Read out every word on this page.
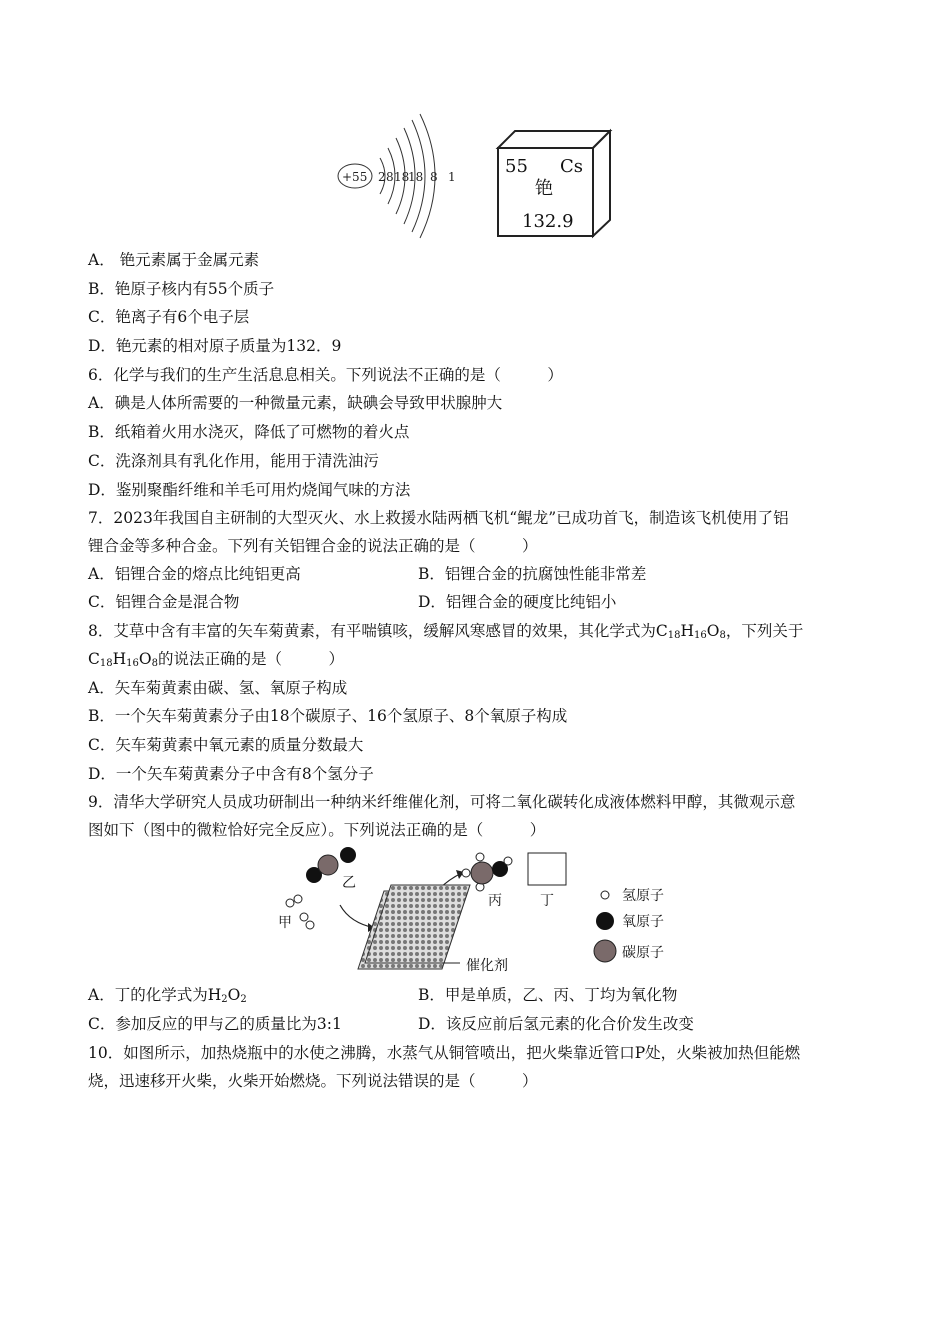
+55 2 8 18
18 8 1	55 Cs
铯
132.9
A． 铯元素属于金属元素
B．铯原子核内有55个质子
C．铯离子有6个电子层
D．铯元素的相对原子质量为132．9
6．化学与我们的生产生活息息相关。下列说法不正确的是（　　　）
A．碘是人体所需要的一种微量元素，缺碘会导致甲状腺肿大
B．纸箱着火用水浇灭，降低了可燃物的着火点
C．洗涤剂具有乳化作用，能用于清洗油污
D．鉴别聚酯纤维和羊毛可用灼烧闻气味的方法
7．2023年我国自主研制的大型灭火、水上救援水陆两栖飞机“鲲龙”已成功首飞，制造该飞机使用了铝
锂合金等多种合金。下列有关铝锂合金的说法正确的是（　　　）
A．铝锂合金的熔点比纯铝更高	B．铝锂合金的抗腐蚀性能非常差
C．铝锂合金是混合物	D．铝锂合金的硬度比纯铝小
8．艾草中含有丰富的矢车菊黄素，有平喘镇咳，缓解风寒感冒的效果，其化学式为$C_{18}H_{16}O_8$，下列关于
$C_{18}H_{16}O_8$的说法正确的是（　　　）
A．矢车菊黄素由碳、氢、氧原子构成
B．一个矢车菊黄素分子由18个碳原子、16个氢原子、8个氧原子构成
C．矢车菊黄素中氧元素的质量分数最大
D．一个矢车菊黄素分子中含有8个氢分子
9．清华大学研究人员成功研制出一种纳米纤维催化剂，可将二氧化碳转化成液体燃料甲醇，其微观示意
图如下（图中的微粒恰好完全反应）。下列说法正确的是（　　　）
乙
甲
催化剂
丙	丁	氢原子
氧原子
碳原子
A．丁的化学式为$H_2O_2$	B．甲是单质，乙、丙、丁均为氧化物
C．参加反应的甲与乙的质量比为3:1	D．该反应前后氢元素的化合价发生改变
10．如图所示，加热烧瓶中的水使之沸腾，水蒸气从铜管喷出，把火柴靠近管口P处，火柴被加热但能燃
烧，迅速移开火柴，火柴开始燃烧。下列说法错误的是（　　　）
